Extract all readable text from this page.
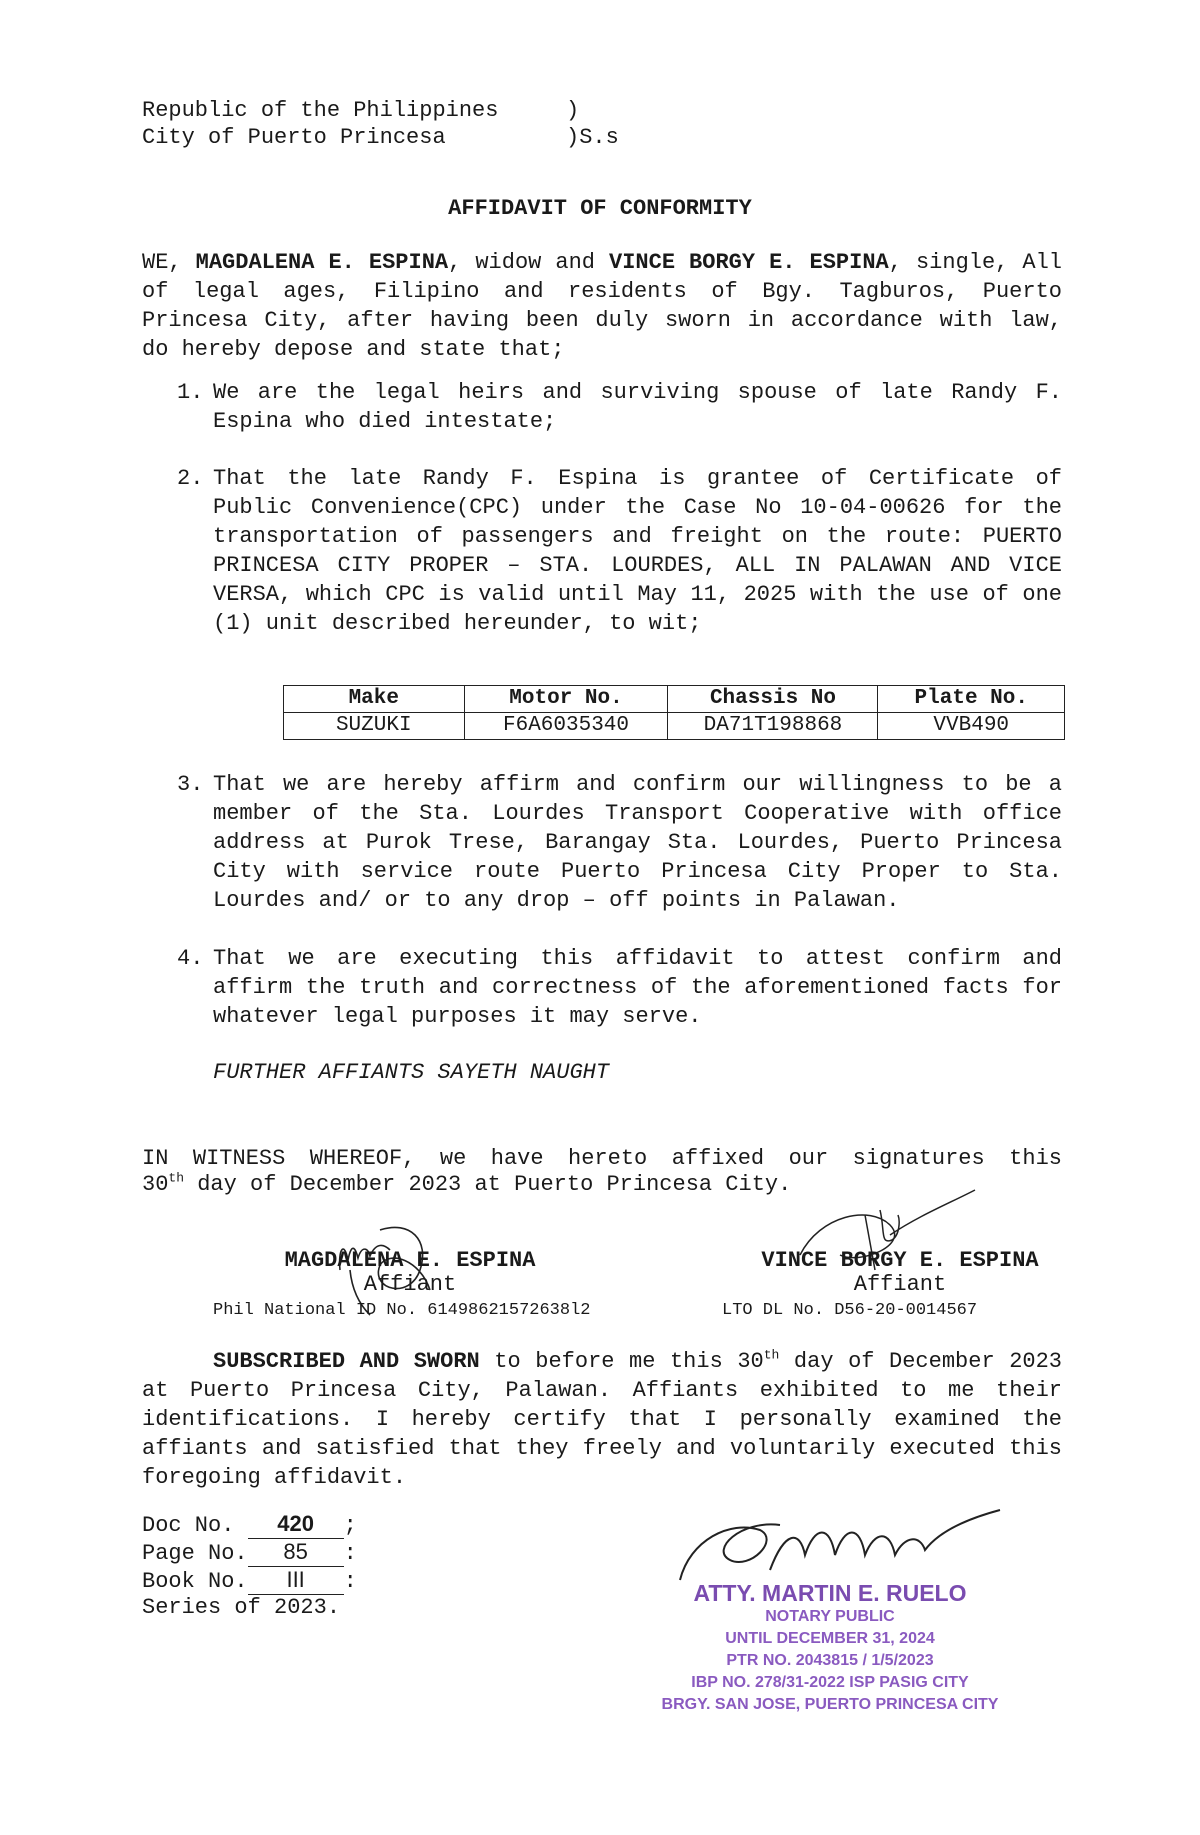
Republic of the Philippines	)
City of Puerto Princesa	)S.s
AFFIDAVIT OF CONFORMITY
WE, MAGDALENA E. ESPINA, widow and VINCE BORGY E. ESPINA, single, All of legal ages, Filipino and residents of Bgy. Tagburos, Puerto Princesa City, after having been duly sworn in accordance with law, do hereby depose and state that;
1. We are the legal heirs and surviving spouse of late Randy F. Espina who died intestate;
2. That the late Randy F. Espina is grantee of Certificate of Public Convenience(CPC) under the Case No 10-04-00626 for the transportation of passengers and freight on the route: PUERTO PRINCESA CITY PROPER – STA. LOURDES, ALL IN PALAWAN AND VICE VERSA, which CPC is valid until May 11, 2025 with the use of one (1) unit described hereunder, to wit;
Make	Motor No.	Chassis No	Plate No.
SUZUKI	F6A6035340	DA71T198868	VVB490
3. That we are hereby affirm and confirm our willingness to be a member of the Sta. Lourdes Transport Cooperative with office address at Purok Trese, Barangay Sta. Lourdes, Puerto Princesa City with service route Puerto Princesa City Proper to Sta. Lourdes and/ or to any drop – off points in Palawan.
4. That we are executing this affidavit to attest confirm and affirm the truth and correctness of the aforementioned facts for whatever legal purposes it may serve.
FURTHER AFFIANTS SAYETH NAUGHT
IN WITNESS WHEREOF, we have hereto affixed our signatures this
30th day of December 2023 at Puerto Princesa City.
MAGDALENA E. ESPINA
Affiant
Phil National ID No. 61498621572638l2
VINCE BORGY E. ESPINA
Affiant
LTO DL No. D56-20-0014567
SUBSCRIBED AND SWORN to before me this 30th day of December 2023 at Puerto Princesa City, Palawan. Affiants exhibited to me their identifications. I hereby certify that I personally examined the affiants and satisfied that they freely and voluntarily executed this foregoing affidavit.
Doc No. 420 ;
Page No. 85 :
Book No. III :
Series of 2023.
ATTY. MARTIN E. RUELO
NOTARY PUBLIC
UNTIL DECEMBER 31, 2024
PTR NO. 2043815 / 1/5/2023
IBP NO. 278/31-2022 ISP PASIG CITY
BRGY. SAN JOSE, PUERTO PRINCESA CITY
